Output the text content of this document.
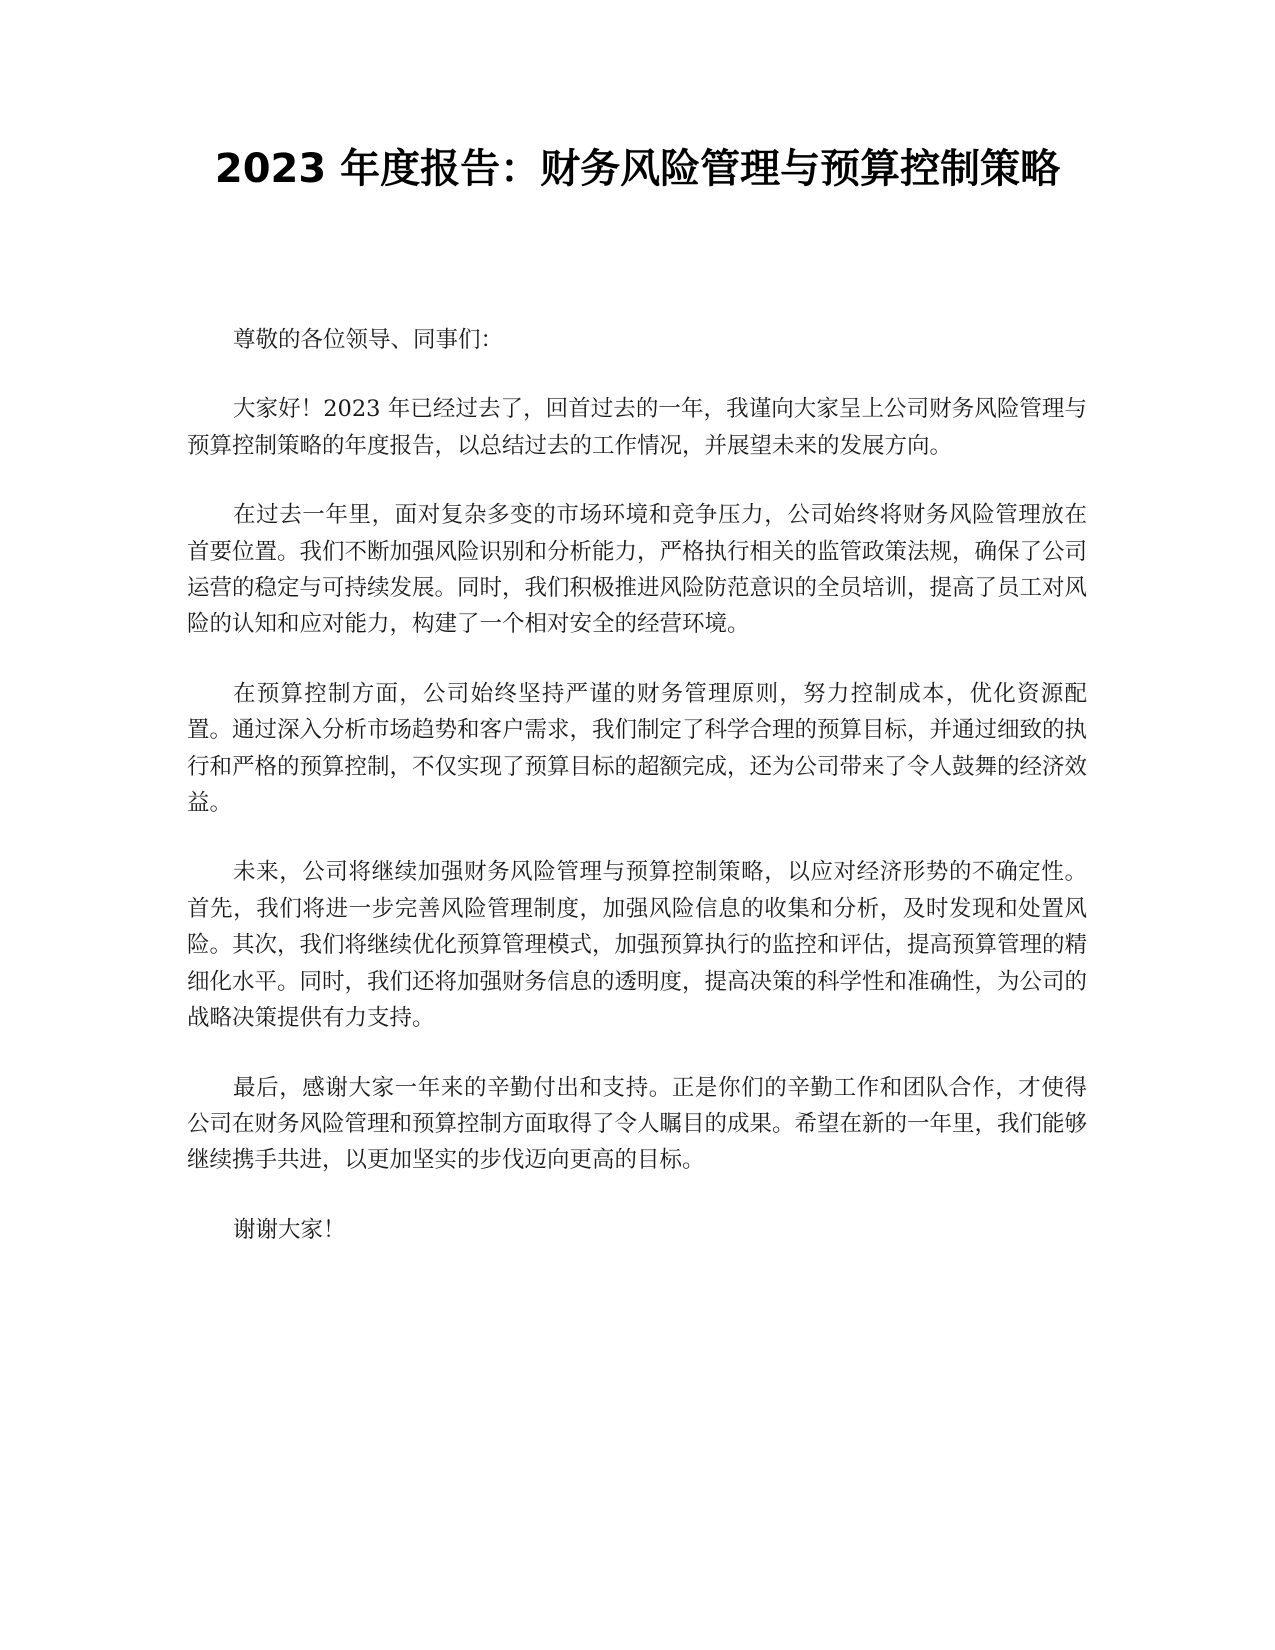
2023 年度报告：财务风险管理与预算控制策略

尊敬的各位领导、同事们：

大家好！2023 年已经过去了，回首过去的一年，我谨向大家呈上公司财务风险管理与预算控制策略的年度报告，以总结过去的工作情况，并展望未来的发展方向。

在过去一年里，面对复杂多变的市场环境和竞争压力，公司始终将财务风险管理放在首要位置。我们不断加强风险识别和分析能力，严格执行相关的监管政策法规，确保了公司运营的稳定与可持续发展。同时，我们积极推进风险防范意识的全员培训，提高了员工对风险的认知和应对能力，构建了一个相对安全的经营环境。

在预算控制方面，公司始终坚持严谨的财务管理原则，努力控制成本，优化资源配置。通过深入分析市场趋势和客户需求，我们制定了科学合理的预算目标，并通过细致的执行和严格的预算控制，不仅实现了预算目标的超额完成，还为公司带来了令人鼓舞的经济效益。

未来，公司将继续加强财务风险管理与预算控制策略，以应对经济形势的不确定性。首先，我们将进一步完善风险管理制度，加强风险信息的收集和分析，及时发现和处置风险。其次，我们将继续优化预算管理模式，加强预算执行的监控和评估，提高预算管理的精细化水平。同时，我们还将加强财务信息的透明度，提高决策的科学性和准确性，为公司的战略决策提供有力支持。

最后，感谢大家一年来的辛勤付出和支持。正是你们的辛勤工作和团队合作，才使得公司在财务风险管理和预算控制方面取得了令人瞩目的成果。希望在新的一年里，我们能够继续携手共进，以更加坚实的步伐迈向更高的目标。

谢谢大家！
